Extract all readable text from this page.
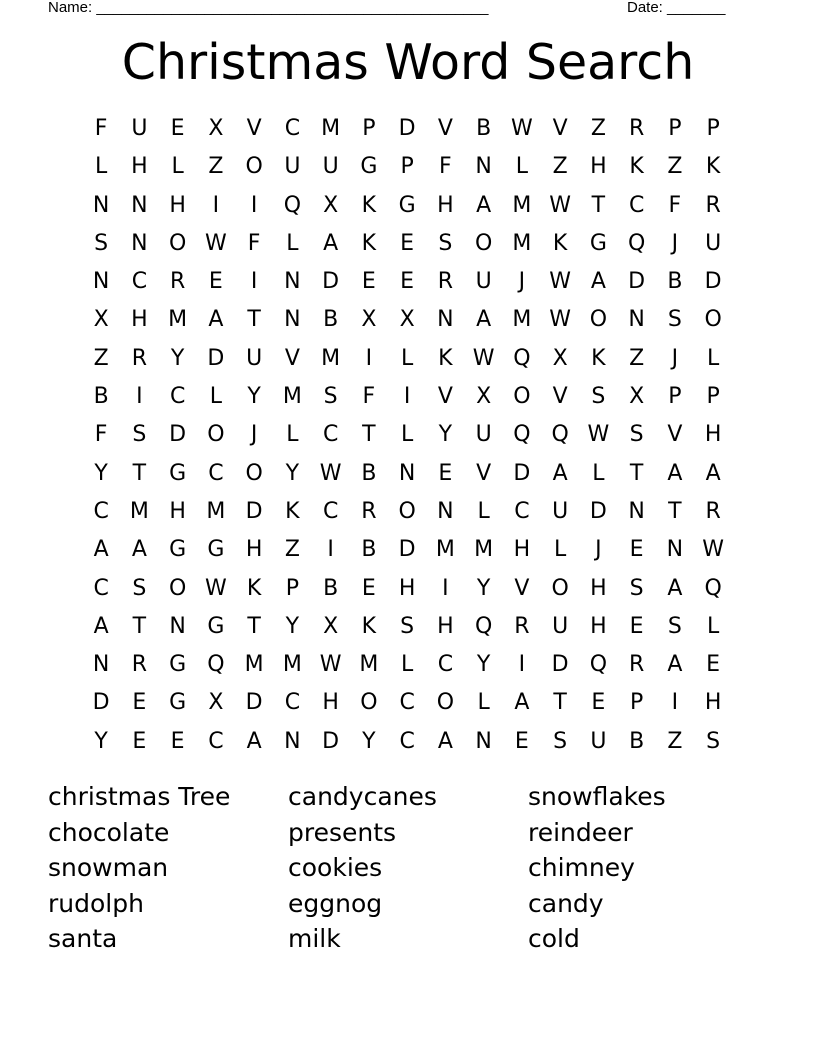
Name: _______________________________________________	Date: _______
Christmas Word Search
F	U	E	X	V	C M	P	D	V	B W V	Z	R	P	P
L	H	L	Z	O U	U G	P	F	N	L	Z	H	K	Z	K
N N H	I	I	Q	X	K	G H	A M W T	C	F	R
S	N O W F	L	A	K	E	S	O M K	G Q	J	U
N	C	R	E	I	N D	E	E	R	U	J	W A	D	B	D
X	H M A	T	N	B	X	X	N	A M W O N	S	O
Z	R	Y	D U	V M	I	L	K W Q	X	K	Z	J	L
B	I	C	L	Y	M S	F	I	V	X	O	V	S	X	P	P
F	S	D O	J	L	C	T	L	Y	U Q Q W S	V	H
Y	T	G	C O	Y W B	N	E	V	D	A	L	T	A	A
C M H M D	K	C	R O N	L	C	U D N	T	R
A	A	G G H	Z	I	B	D M M H	L	J	E	N W
C	S	O W K	P	B	E	H	I	Y	V	O H	S	A	Q
A	T	N G	T	Y	X	K	S	H Q R	U H	E	S	L
N	R	G Q M M W M	L	C	Y	I	D Q R	A	E
D	E	G	X	D	C	H O C O	L	A	T	E	P	I	H
Y	E	E	C	A	N D	Y	C	A	N	E	S	U	B	Z	S
christmas Tree	candycanes	snowflakes
chocolate	presents	reindeer
snowman	cookies	chimney
rudolph	eggnog	candy
santa	milk	cold
